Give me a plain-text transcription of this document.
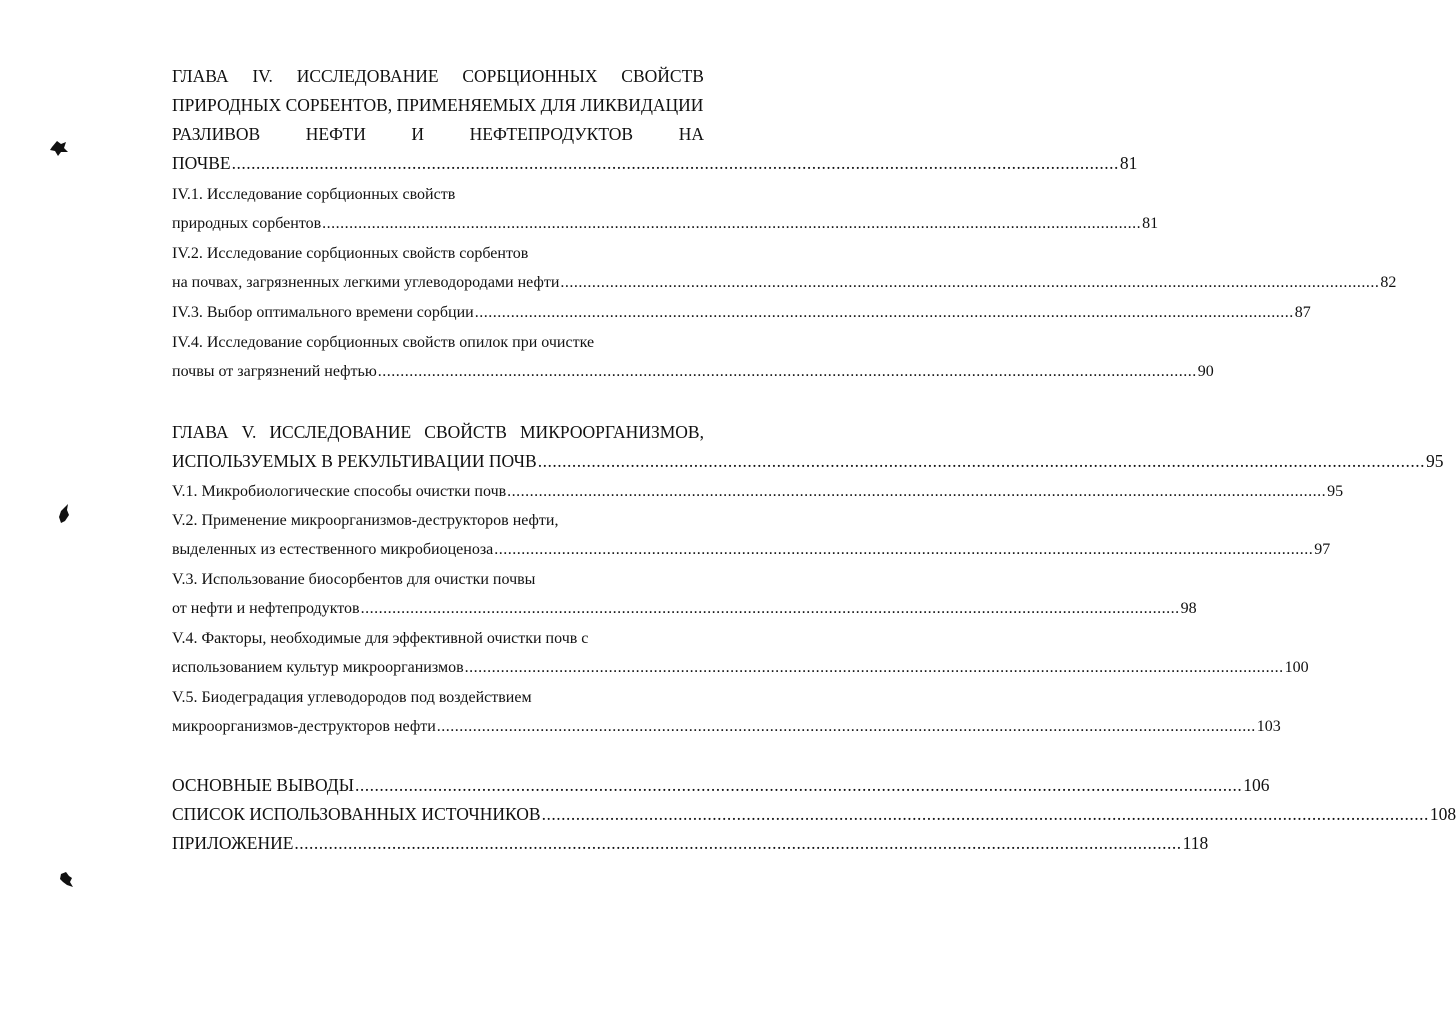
ГЛАВА IV. ИССЛЕДОВАНИЕ СОРБЦИОННЫХ СВОЙСТВ
ПРИРОДНЫХ СОРБЕНТОВ, ПРИМЕНЯЕМЫХ ДЛЯ ЛИКВИДАЦИИ
РАЗЛИВОВ	НЕФТИ	И	НЕФТЕПРОДУКТОВ	НА
ПОЧВЕ ...................................................................................................................................................................................... 81
IV.1. Исследование сорбционных свойств
природных сорбентов ...................................................................................................................................................................................... 81
IV.2. Исследование сорбционных свойств сорбентов
на почвах, загрязненных легкими углеводородами нефти ...................................................................................................................................................................................... 82
IV.3. Выбор оптимального времени сорбции ...................................................................................................................................................................................... 87
IV.4. Исследование сорбционных свойств опилок при очистке
почвы от загрязнений нефтью ...................................................................................................................................................................................... 90
ГЛАВА V. ИССЛЕДОВАНИЕ СВОЙСТВ МИКРООРГАНИЗМОВ,
ИСПОЛЬЗУЕМЫХ В РЕКУЛЬТИВАЦИИ ПОЧВ ...................................................................................................................................................................................... 95
V.1. Микробиологические способы очистки почв ...................................................................................................................................................................................... 95
V.2. Применение микроорганизмов-деструкторов нефти,
выделенных из естественного микробиоценоза ...................................................................................................................................................................................... 97
V.3. Использование биосорбентов для очистки почвы
от нефти и нефтепродуктов ...................................................................................................................................................................................... 98
V.4. Факторы, необходимые для эффективной очистки почв с
использованием культур микроорганизмов ...................................................................................................................................................................................... 100
V.5. Биодеградация углеводородов под воздействием
микроорганизмов-деструкторов нефти ...................................................................................................................................................................................... 103
ОСНОВНЫЕ ВЫВОДЫ ...................................................................................................................................................................................... 106
СПИСОК ИСПОЛЬЗОВАННЫХ ИСТОЧНИКОВ ...................................................................................................................................................................................... 108
ПРИЛОЖЕНИЕ ...................................................................................................................................................................................... 118
